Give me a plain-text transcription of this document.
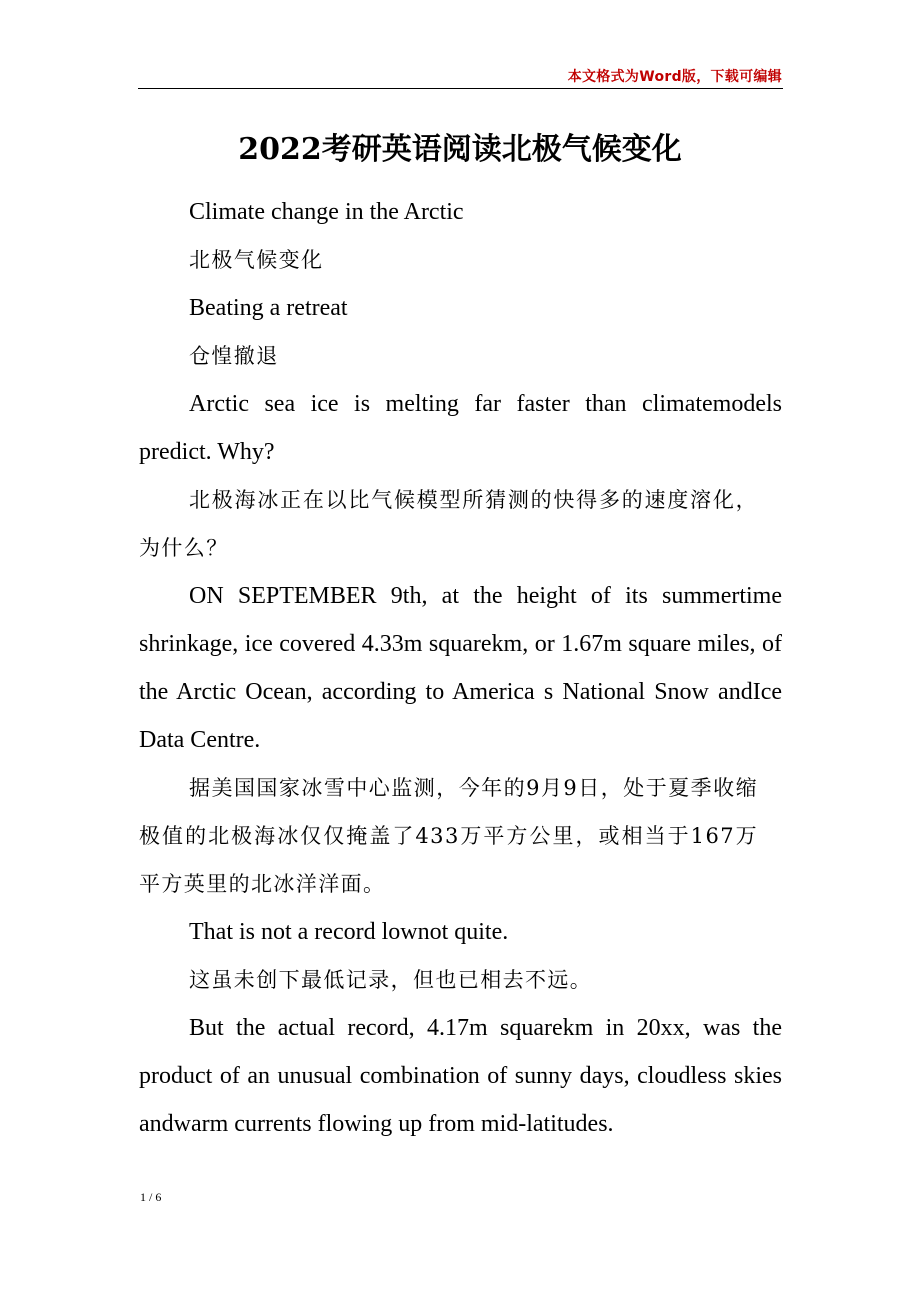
本文格式为Word版，下载可编辑
2022考研英语阅读北极气候变化

Climate change in the Arctic

北极气候变化

Beating a retreat

仓惶撤退

Arctic sea ice is melting far faster than climatemodels predict. Why?

北极海冰正在以比气候模型所猜测的快得多的速度溶化，为什么？

ON SEPTEMBER 9th, at the height of its summertime shrinkage, ice covered 4.33m squarekm, or 1.67m square miles, of the Arctic Ocean, according to America s National Snow andIce Data Centre.

据美国国家冰雪中心监测，今年的9月9日，处于夏季收缩极值的北极海冰仅仅掩盖了433万平方公里，或相当于167万平方英里的北冰洋洋面。

That is not a record lownot quite.

这虽未创下最低记录，但也已相去不远。

But the actual record, 4.17m squarekm in 20xx, was the product of an unusual combination of sunny days, cloudless skies andwarm currents flowing up from mid-latitudes.

1 / 6
